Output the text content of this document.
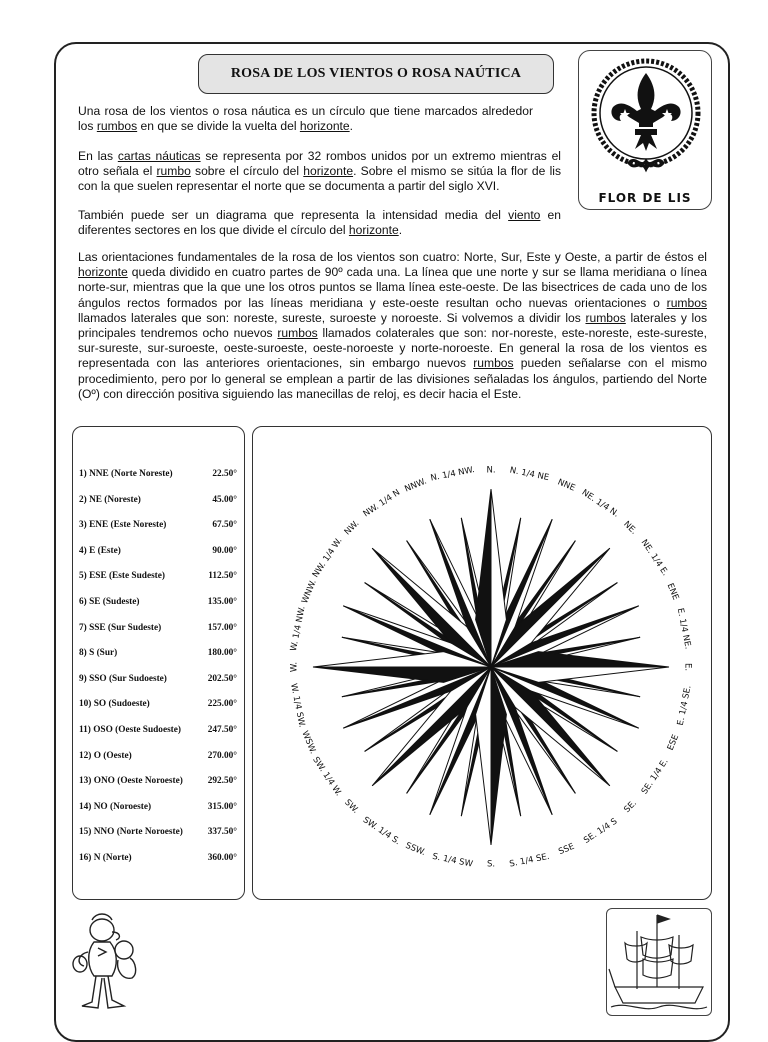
ROSA DE LOS VIENTOS O ROSA NAÚTICA
FLOR DE LIS
Una rosa de los vientos o rosa náutica es un círculo que tiene marcados alrededor los rumbos en que se divide la vuelta del horizonte.
En las cartas náuticas se representa por 32 rombos unidos por un extremo mientras el otro señala el rumbo sobre el círculo del horizonte. Sobre el mismo se sitúa la flor de lis con la que suelen representar el norte que se documenta a partir del siglo XVI.
También puede ser un diagrama que representa la intensidad media del viento en diferentes sectores en los que divide el círculo del horizonte.
Las orientaciones fundamentales de la rosa de los vientos son cuatro: Norte, Sur, Este y Oeste, a partir de éstos el horizonte queda dividido en cuatro partes de 90º cada una. La línea que une norte y sur se llama meridiana o línea norte-sur, mientras que la que une los otros puntos se llama línea este-oeste. De las bisectrices de cada uno de los ángulos rectos formados por las líneas meridiana y este-oeste resultan ocho nuevas orientaciones o rumbos llamados laterales que son: noreste, sureste, suroeste y noroeste. Si volvemos a dividir los rumbos laterales y los principales tendremos ocho nuevos rumbos llamados colaterales que son: nor-noreste, este-noreste, este-sureste, sur-sureste, sur-suroeste, oeste-suroeste, oeste-noroeste y norte-noroeste. En general la rosa de los vientos es representada con las anteriores orientaciones, sin embargo nuevos rumbos pueden señalarse con el mismo procedimiento, pero por lo general se emplean a partir de las divisiones señaladas los ángulos, partiendo del Norte (Oº) con dirección positiva siguiendo las manecillas de reloj, es decir hacia el Este.
1) NNE (Norte Noreste)	22.50°
2) NE (Noreste)	45.00°
3) ENE (Este Noreste)	67.50°
4) E (Este)	90.00°
5) ESE (Este Sudeste)	112.50°
6) SE (Sudeste)	135.00°
7) SSE (Sur Sudeste)	157.00°
8) S (Sur)	180.00°
9) SSO (Sur Sudoeste)	202.50°
10) SO (Sudoeste)	225.00°
11) OSO (Oeste Sudoeste)	247.50°
12) O (Oeste)	270.00°
13) ONO (Oeste Noroeste)	292.50°
14) NO (Noroeste)	315.00°
15) NNO (Norte Noroeste)	337.50°
16) N (Norte)	360.00°
N. N. 1/4 NE
NNE
NE. 1/4 N.
NE.
NE. 1/4 E.
ENE
E. 1/4 NE.
E.
E. 1/4 SE.
ESE
SE. 1/4 E.
SE.
SE. 1/4 S
SSE
S. 1/4 SE.
S.
S. 1/4 SW
SSW.
SW. 1/4 S.
SW.
SW. 1/4 W.
WSW.
W. 1/4 SW.
W.
W. 1/4 NW.
WNW.
NW. 1/4 W.
NW.
NW. 1/4 N
NNW.
N. 1/4 NW.
